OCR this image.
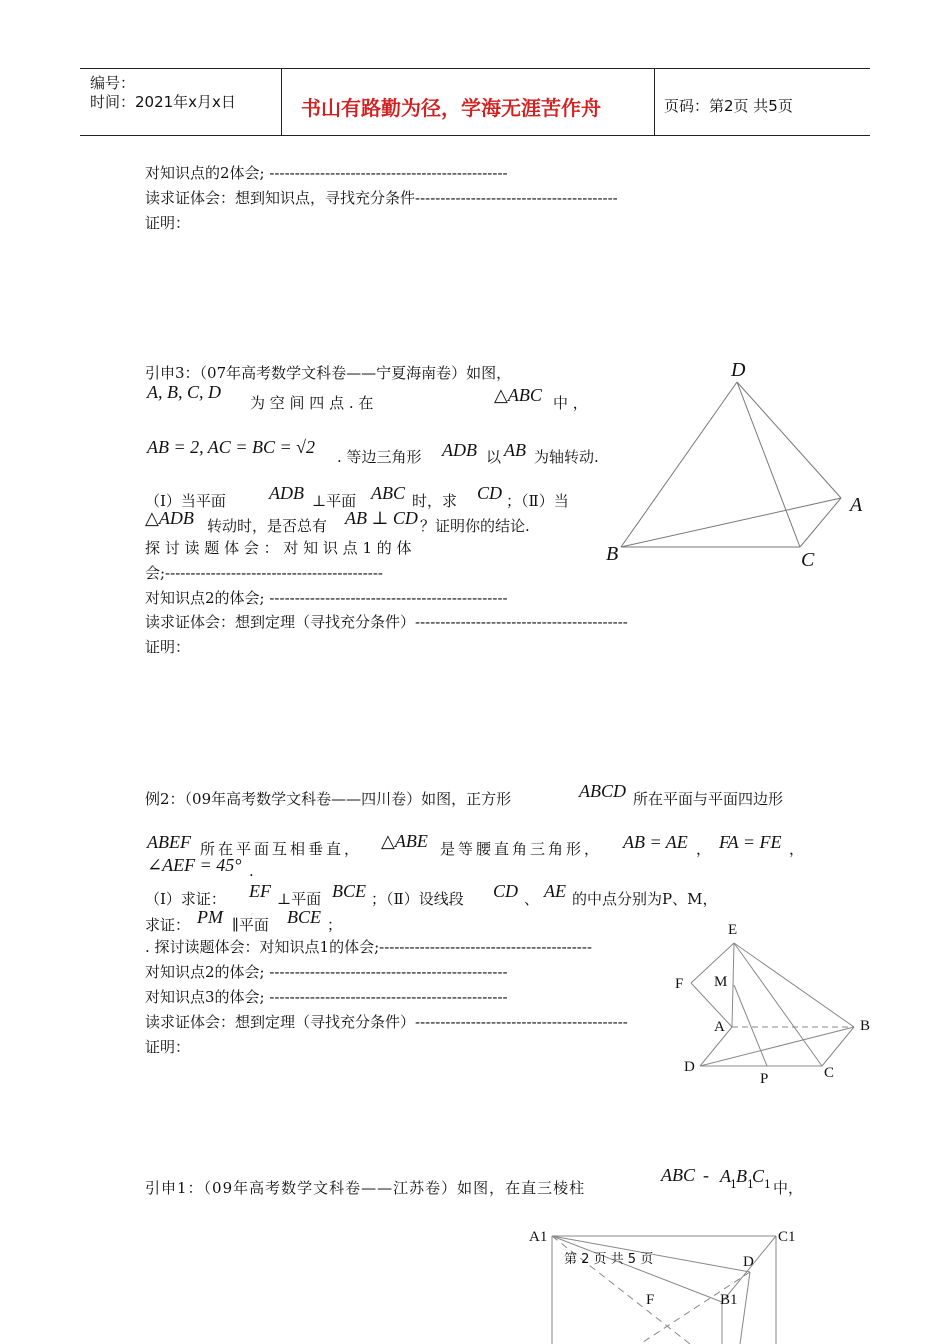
编号：
时间：2021年x月x日	书山有路勤为径，学海无涯苦作舟	页码：第2页 共5页
对知识点的2体会; -----------------------------------------------
读求证体会：想到知识点，寻找充分条件----------------------------------------
证明：
引申3：（07年高考数学文科卷——宁夏海南卷）如图，
A, B, C, D
为 空 间 四 点 . 在	△ABC 中 ，
AB = 2, AC = BC = √2 . 等边三角形 ADB 以 AB 为轴转动.
（Ⅰ）当平面 ADB ⊥平面 ABC 时，求 CD ；（Ⅱ）当
△ADB 转动时，是否总有 AB ⊥ CD ？证明你的结论.
探 讨 读 题 体 会 ： 对 知 识 点 1 的 体
会;-------------------------------------------
对知识点2的体会; -----------------------------------------------
读求证体会：想到定理（寻找充分条件）------------------------------------------
证明：
D
A
B	C
例2：（09年高考数学文科卷——四川卷）如图，正方形	ABCD 所在平面与平面四边形
ABEF 所在平面互相垂直， △ABE 是等腰直角三角形， AB = AE ， FA = FE ，
∠AEF = 45° .
（Ⅰ）求证： EF ⊥平面 BCE ；（Ⅱ）设线段 CD 、 AE 的中点分别为P、M，
求证： PM ∥平面 BCE ；
. 探讨读题体会：对知识点1的体会;------------------------------------------
对知识点2的体会; -----------------------------------------------
对知识点3的体会; -----------------------------------------------
读求证体会：想到定理（寻找充分条件）------------------------------------------
证明：
E
F M
A	B
D
P	C
引申1：（09年高考数学文科卷——江苏卷）如图，在直三棱柱
ABC - A 1 B 1
C 1 中，
A1	C1
D
F	B1
第 2 页 共 5 页
